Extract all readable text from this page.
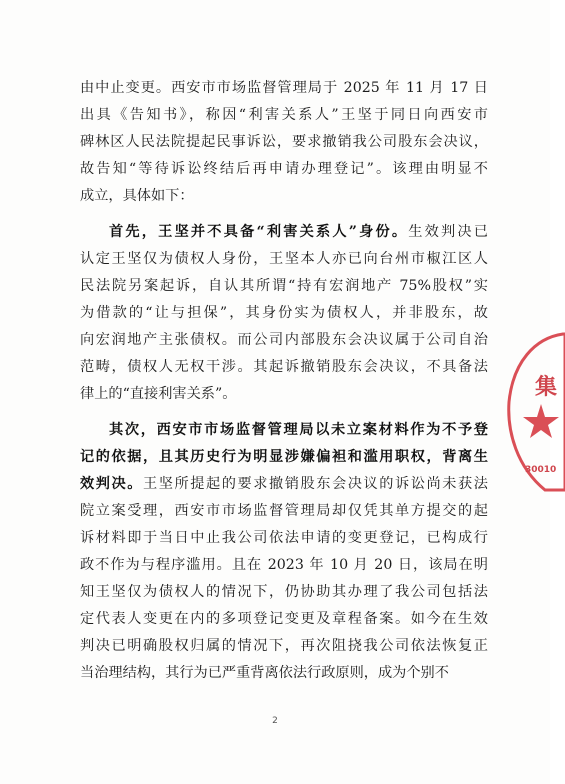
由中止变更。西安市市场监督管理局于 2025 年 11 月 17 日
出具《告知书》，称因“利害关系人”王坚于同日向西安市
碑林区人民法院提起民事诉讼，要求撤销我公司股东会决议，
故告知“等待诉讼终结后再申请办理登记”。该理由明显不
成立，具体如下：
首先，王坚并不具备“利害关系人”身份。生效判决已
认定王坚仅为债权人身份，王坚本人亦已向台州市椒江区人
民法院另案起诉，自认其所谓“持有宏润地产 75%股权”实
为借款的“让与担保”，其身份实为债权人，并非股东，故
向宏润地产主张债权。而公司内部股东会决议属于公司自治
范畴，债权人无权干涉。其起诉撤销股东会决议，不具备法
律上的“直接利害关系”。
其次，西安市市场监督管理局以未立案材料作为不予登
记的依据，且其历史行为明显涉嫌偏袒和滥用职权，背离生
效判决。王坚所提起的要求撤销股东会决议的诉讼尚未获法
院立案受理，西安市市场监督管理局却仅凭其单方提交的起
诉材料即于当日中止我公司依法申请的变更登记，已构成行
政不作为与程序滥用。且在 2023 年 10 月 20 日，该局在明
知王坚仅为债权人的情况下，仍协助其办理了我公司包括法
定代表人变更在内的多项登记变更及章程备案。如今在生效
判决已明确股权归属的情况下，再次阻挠我公司依法恢复正
当治理结构，其行为已严重背离依法行政原则，成为个别不
2
集
30010
